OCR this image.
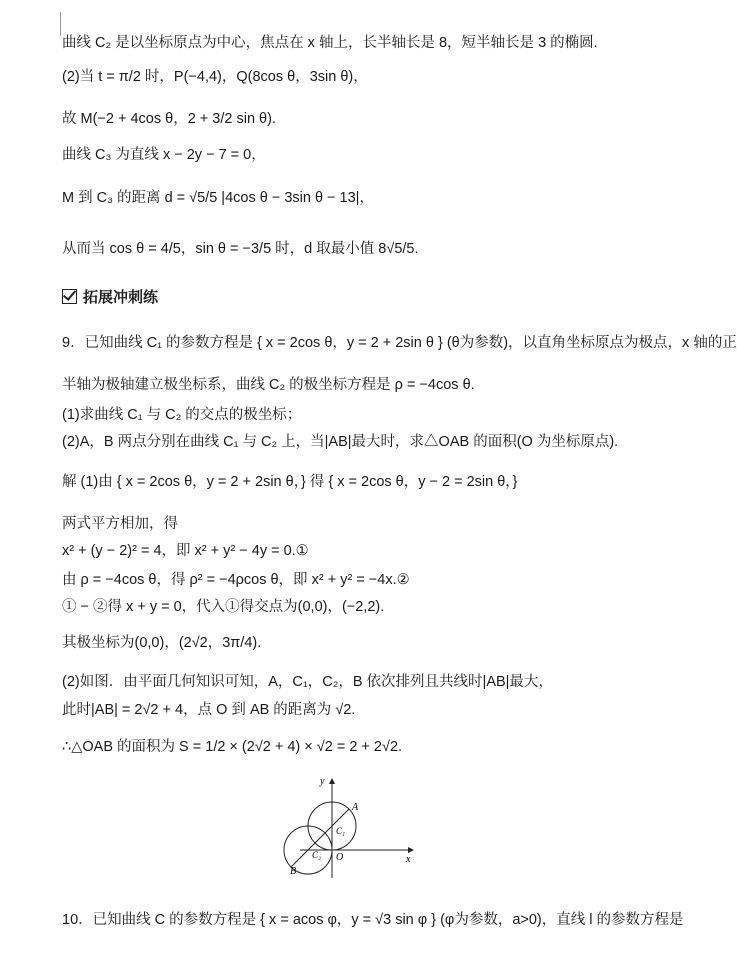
曲线 C₂ 是以坐标原点为中心，焦点在 x 轴上，长半轴长是 8，短半轴长是 3 的椭圆.
(2)当 t = π/2 时，P(−4,4)，Q(8cos θ，3sin θ)，
故 M(−2 + 4cos θ，2 + 3/2 sin θ).
曲线 C₃ 为直线 x − 2y − 7 = 0，
M 到 C₃ 的距离 d = √5/5 |4cos θ − 3sin θ − 13|，
从而当 cos θ = 4/5，sin θ = −3/5 时，d 取最小值 8√5/5.
拓展冲刺练
9．已知曲线 C₁ 的参数方程是 { x = 2cos θ，y = 2 + 2sin θ } (θ为参数)，以直角坐标原点为极点，x 轴的正
半轴为极轴建立极坐标系，曲线 C₂ 的极坐标方程是 ρ = −4cos θ.
(1)求曲线 C₁ 与 C₂ 的交点的极坐标；
(2)A，B 两点分别在曲线 C₁ 与 C₂ 上，当|AB|最大时，求△OAB 的面积(O 为坐标原点).
解 (1)由 { x = 2cos θ，y = 2 + 2sin θ，} 得 { x = 2cos θ，y − 2 = 2sin θ，}
两式平方相加，得
x² + (y − 2)² = 4，即 x² + y² − 4y = 0.①
由 ρ = −4cos θ，得 ρ² = −4ρcos θ，即 x² + y² = −4x.②
① − ②得 x + y = 0，代入①得交点为(0,0)，(−2,2).
其极坐标为(0,0)，(2√2，3π/4).
(2)如图．由平面几何知识可知，A，C₁，C₂，B 依次排列且共线时|AB|最大，
此时|AB| = 2√2 + 4，点 O 到 AB 的距离为 √2.
∴△OAB 的面积为 S = 1/2 × (2√2 + 4) × √2 = 2 + 2√2.
y
x
O
A
B
C₁
C₂
10．已知曲线 C 的参数方程是 { x = acos φ，y = √3 sin φ } (φ为参数，a>0)，直线 l 的参数方程是
